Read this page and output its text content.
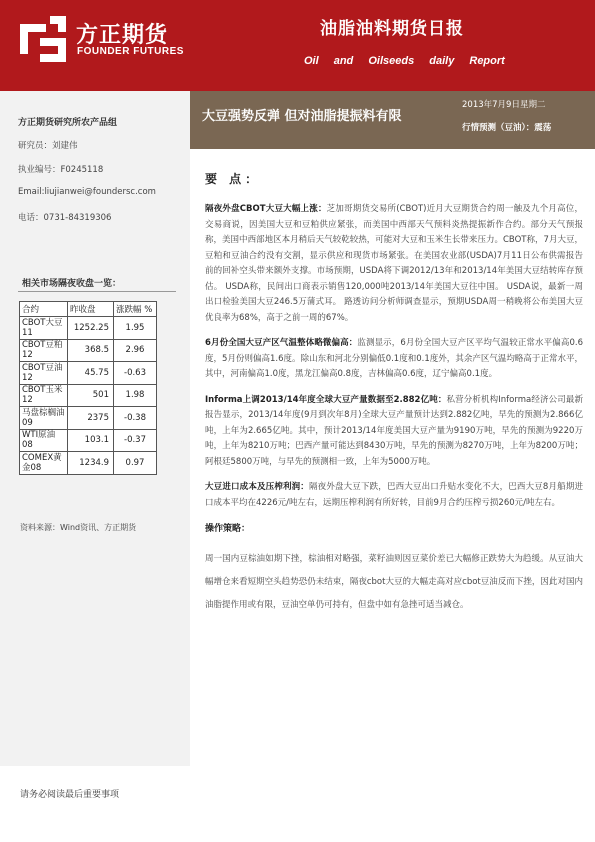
方正期货
FOUNDER FUTURES
油脂油料期货日报
Oil and Oilseeds daily Report
方正期货研究所农产品组
研究员：刘建伟
执业编号：F0245118
Email:liujianwei@foundersc.com
电话：0731-84319306
相关市场隔夜收盘一览：
合约	昨收盘	涨跌幅 %
CBOT大豆11	1252.25	1.95
CBOT豆粕12	368.5	2.96
CBOT豆油12	45.75	-0.63
CBOT玉米12	501	1.98
马盘棕榈油09	2375	-0.38
WTI原油08	103.1	-0.37
COMEX黄金08	1234.9	0.97
资料来源：Wind资讯、方正期货
大豆强势反弹 但对油脂提振料有限
2013年7月9日星期二
行情预测（豆油）：震荡
要 点：

隔夜外盘CBOT大豆大幅上涨：芝加哥期货交易所(CBOT)近月大豆期货合约周一触及九个月高位，交易商说，因美国大豆和豆粕供应紧张，而美国中西部天气预料炎热提振新作合约。部分天气预报称，美国中西部地区本月稍后天气较乾较热，可能对大豆和玉米生长带来压力。CBOT称，7月大豆，豆粕和豆油合约没有交割，显示供应和现货市场紧张。在美国农业部(USDA)7月11日公布供需报告前的回补空头带来额外支撑。市场预期，USDA将下调2012/13年和2013/14年美国大豆结转库存预估。 USDA称，民间出口商表示销售120,000吨2013/14年美国大豆往中国。 USDA说，最新一周出口检验美国大豆246.5万蒲式耳。 路透访问分析师调查显示，预期USDA周一稍晚将公布美国大豆优良率为68%，高于之前一周的67%。

6月份全国大豆产区气温整体略微偏高：监测显示，6月份全国大豆产区平均气温较正常水平偏高0.6度，5月份则偏高1.6度。除山东和河北分别偏低0.1度和0.1度外，其余产区气温均略高于正常水平，其中，河南偏高1.0度，黑龙江偏高0.8度，吉林偏高0.6度，辽宁偏高0.1度。

Informa上调2013/14年度全球大豆产量数据至2.882亿吨：私营分析机构Informa经济公司最新报告显示，2013/14年度(9月到次年8月)全球大豆产量预计达到2.882亿吨，早先的预测为2.866亿吨，上年为2.665亿吨。其中，预计2013/14年度美国大豆产量为9190万吨，早先的预测为9220万吨，上年为8210万吨；巴西产量可能达到8430万吨，早先的预测为8270万吨，上年为8200万吨；阿根廷5800万吨，与早先的预测相一致，上年为5000万吨。

大豆进口成本及压榨利润：隔夜外盘大豆下跌，巴西大豆出口升贴水变化不大，巴西大豆8月船期进口成本平均在4226元/吨左右，远期压榨利润有所好转，目前9月合约压榨亏损260元/吨左右。

操作策略：

周一国内豆棕油如期下挫，棕油相对略强，菜籽油则因豆菜价差已大幅修正跌势大为趋缓。从豆油大幅增仓来看短期空头趋势恐仍未结束，隔夜cbot大豆的大幅走高对应cbot豆油反而下挫，因此对国内油脂提作用或有限，豆油空单仍可持有，但盘中如有急挫可适当减仓。

请务必阅读最后重要事项
